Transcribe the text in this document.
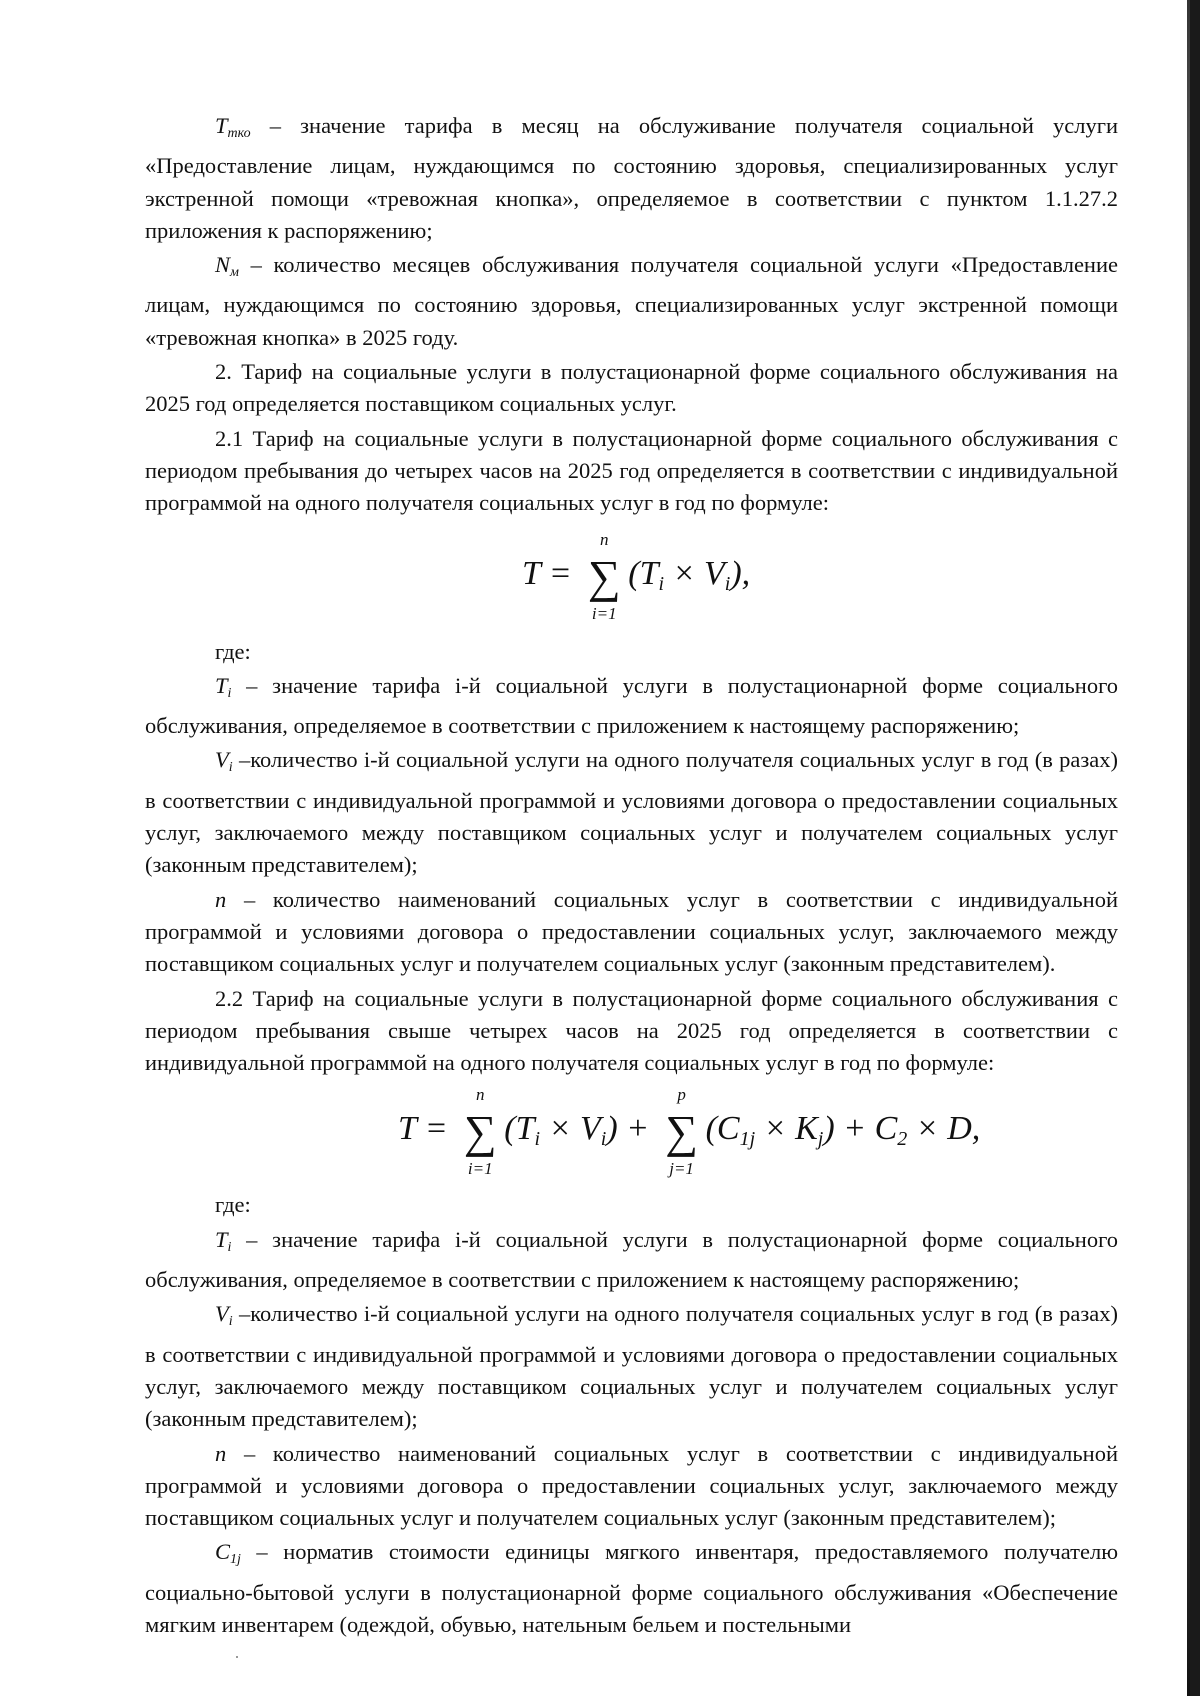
$T_{тко}$ – значение тарифа в месяц на обслуживание получателя социальной услуги «Предоставление лицам, нуждающимся по состоянию здоровья, специализированных услуг экстренной помощи «тревожная кнопка», определяемое в соответствии с пунктом 1.1.27.2 приложения к распоряжению;

$N_м$ – количество месяцев обслуживания получателя социальной услуги «Предоставление лицам, нуждающимся по состоянию здоровья, специализированных услуг экстренной помощи «тревожная кнопка» в 2025 году.

2. Тариф на социальные услуги в полустационарной форме социального обслуживания на 2025 год определяется поставщиком социальных услуг.

2.1 Тариф на социальные услуги в полустационарной форме социального обслуживания с периодом пребывания до четырех часов на 2025 год определяется в соответствии с индивидуальной программой на одного получателя социальных услуг в год по формуле:

T = ∑
n
i=1
$(T_i \times V_i)$,

где:

$T_i$ – значение тарифа i-й социальной услуги в полустационарной форме социального обслуживания, определяемое в соответствии с приложением к настоящему распоряжению;

$V_i$ –количество i-й социальной услуги на одного получателя социальных услуг в год (в разах) в соответствии с индивидуальной программой и условиями договора о предоставлении социальных услуг, заключаемого между поставщиком социальных услуг и получателем социальных услуг (законным представителем);

n – количество наименований социальных услуг в соответствии с индивидуальной программой и условиями договора о предоставлении социальных услуг, заключаемого между поставщиком социальных услуг и получателем социальных услуг (законным представителем).

2.2 Тариф на социальные услуги в полустационарной форме социального обслуживания с периодом пребывания свыше четырех часов на 2025 год определяется в соответствии с индивидуальной программой на одного получателя социальных услуг в год по формуле:

T = ∑
n
i=1
$(T_i \times V_i)$ + ∑
p
j=1
$(C_{1j} \times K_j) + C_2 \times D$,

где:

$T_i$ – значение тарифа i-й социальной услуги в полустационарной форме социального обслуживания, определяемое в соответствии с приложением к настоящему распоряжению;

$V_i$ –количество i-й социальной услуги на одного получателя социальных услуг в год (в разах) в соответствии с индивидуальной программой и условиями договора о предоставлении социальных услуг, заключаемого между поставщиком социальных услуг и получателем социальных услуг (законным представителем);

n – количество наименований социальных услуг в соответствии с индивидуальной программой и условиями договора о предоставлении социальных услуг, заключаемого между поставщиком социальных услуг и получателем социальных услуг (законным представителем);

$C_{1j}$ – норматив стоимости единицы мягкого инвентаря, предоставляемого получателю социально-бытовой услуги в полустационарной форме социального обслуживания «Обеспечение мягким инвентарем (одеждой, обувью, нательным бельем и постельными
